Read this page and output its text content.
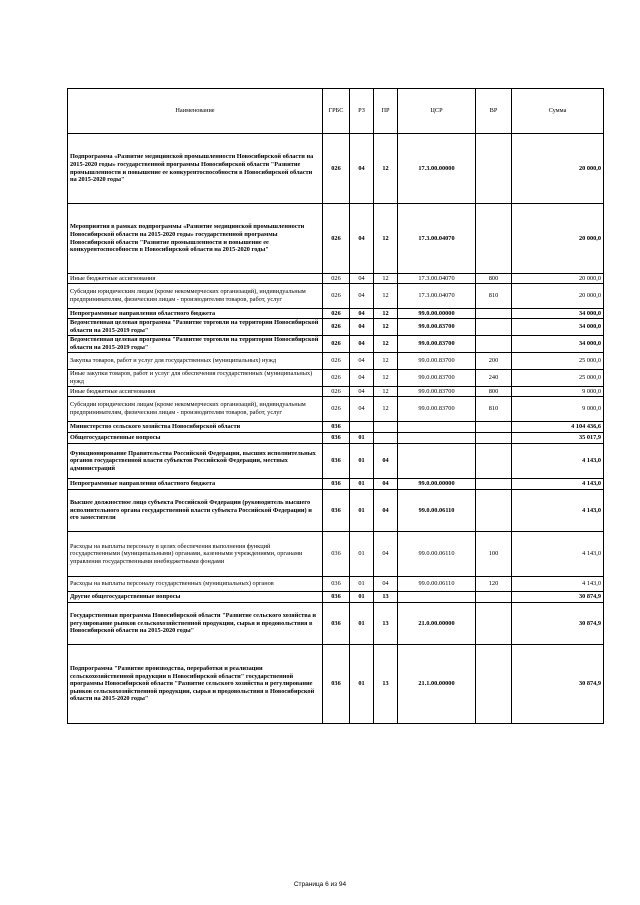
Наименование	ГРБС	РЗ	ПР	ЦСР	ВР	Сумма
Подпрограмма «Развитие медицинской промышленности Новосибирской области на 2015-2020 годы» государственной программы Новосибирской области "Развитие промышленности и повышение ее конкурентоспособности в Новосибирской области на 2015-2020 годы"	026	04	12	17.3.00.00000		20 000,0
Мероприятия в рамках подпрограммы «Развитие медицинской промышленности Новосибирской области на 2015-2020 годы» государственной программы Новосибирской области "Развитие промышленности и повышение ее конкурентоспособности в Новосибирской области на 2015-2020 годы"	026	04	12	17.3.00.04070		20 000,0
Иные бюджетные ассигнования	026	04	12	17.3.00.04070	800	20 000,0
Субсидии юридическим лицам (кроме некоммерческих организаций), индивидуальным предпринимателям, физическим лицам - производителям товаров, работ, услуг	026	04	12	17.3.00.04070	810	20 000,0
Непрограммные направления областного бюджета	026	04	12	99.0.00.00000		34 000,0
Ведомственная целевая программа "Развитие торговли на территории Новосибирской области на 2015-2019 годы"	026	04	12	99.0.00.83700		34 000,0
Ведомственная целевая программа "Развитие торговли на территории Новосибирской области на 2015-2019 годы"	026	04	12	99.0.00.83700		34 000,0
Закупка товаров, работ и услуг для государственных (муниципальных) нужд	026	04	12	99.0.00.83700	200	25 000,0
Иные закупки товаров, работ и услуг для обеспечения государственных (муниципальных) нужд	026	04	12	99.0.00.83700	240	25 000,0
Иные бюджетные ассигнования	026	04	12	99.0.00.83700	800	9 000,0
Субсидии юридическим лицам (кроме некоммерческих организаций), индивидуальным предпринимателям, физическим лицам - производителям товаров, работ, услуг	026	04	12	99.0.00.83700	810	9 000,0
Министерство сельского хозяйства Новосибирской области	036					4 104 436,6
Общегосударственные вопросы	036	01				35 017,9
Функционирование Правительства Российской Федерации, высших исполнительных органов государственной власти субъектов Российской Федерации, местных администраций	036	01	04			4 143,0
Непрограммные направления областного бюджета	036	01	04	99.0.00.00000		4 143,0
Высшее должностное лицо субъекта Российской Федерации (руководитель высшего исполнительного органа государственной власти субъекта Российской Федерации) и его заместители	036	01	04	99.0.00.06110		4 143,0
Расходы на выплаты персоналу в целях обеспечения выполнения функций государственными (муниципальными) органами, казенными учреждениями, органами управления государственными внебюджетными фондами	036	01	04	99.0.00.06110	100	4 143,0
Расходы на выплаты персоналу государственных (муниципальных) органов	036	01	04	99.0.00.06110	120	4 143,0
Другие общегосударственные вопросы	036	01	13			30 874,9
Государственная программа Новосибирской области "Развитие сельского хозяйства и регулирование рынков сельскохозяйственной продукции, сырья и продовольствия в Новосибирской области на 2015-2020 годы"	036	01	13	21.0.00.00000		30 874,9
Подпрограмма "Развитие производства, переработки и реализации сельскохозяйственной продукции в Новосибирской области" государственной программы Новосибирской области "Развитие сельского хозяйства и регулирование рынков сельскохозяйственной продукции, сырья и продовольствия в Новосибирской области на 2015-2020 годы"	036	01	13	21.1.00.00000		30 874,9
Страница 6 из 94
